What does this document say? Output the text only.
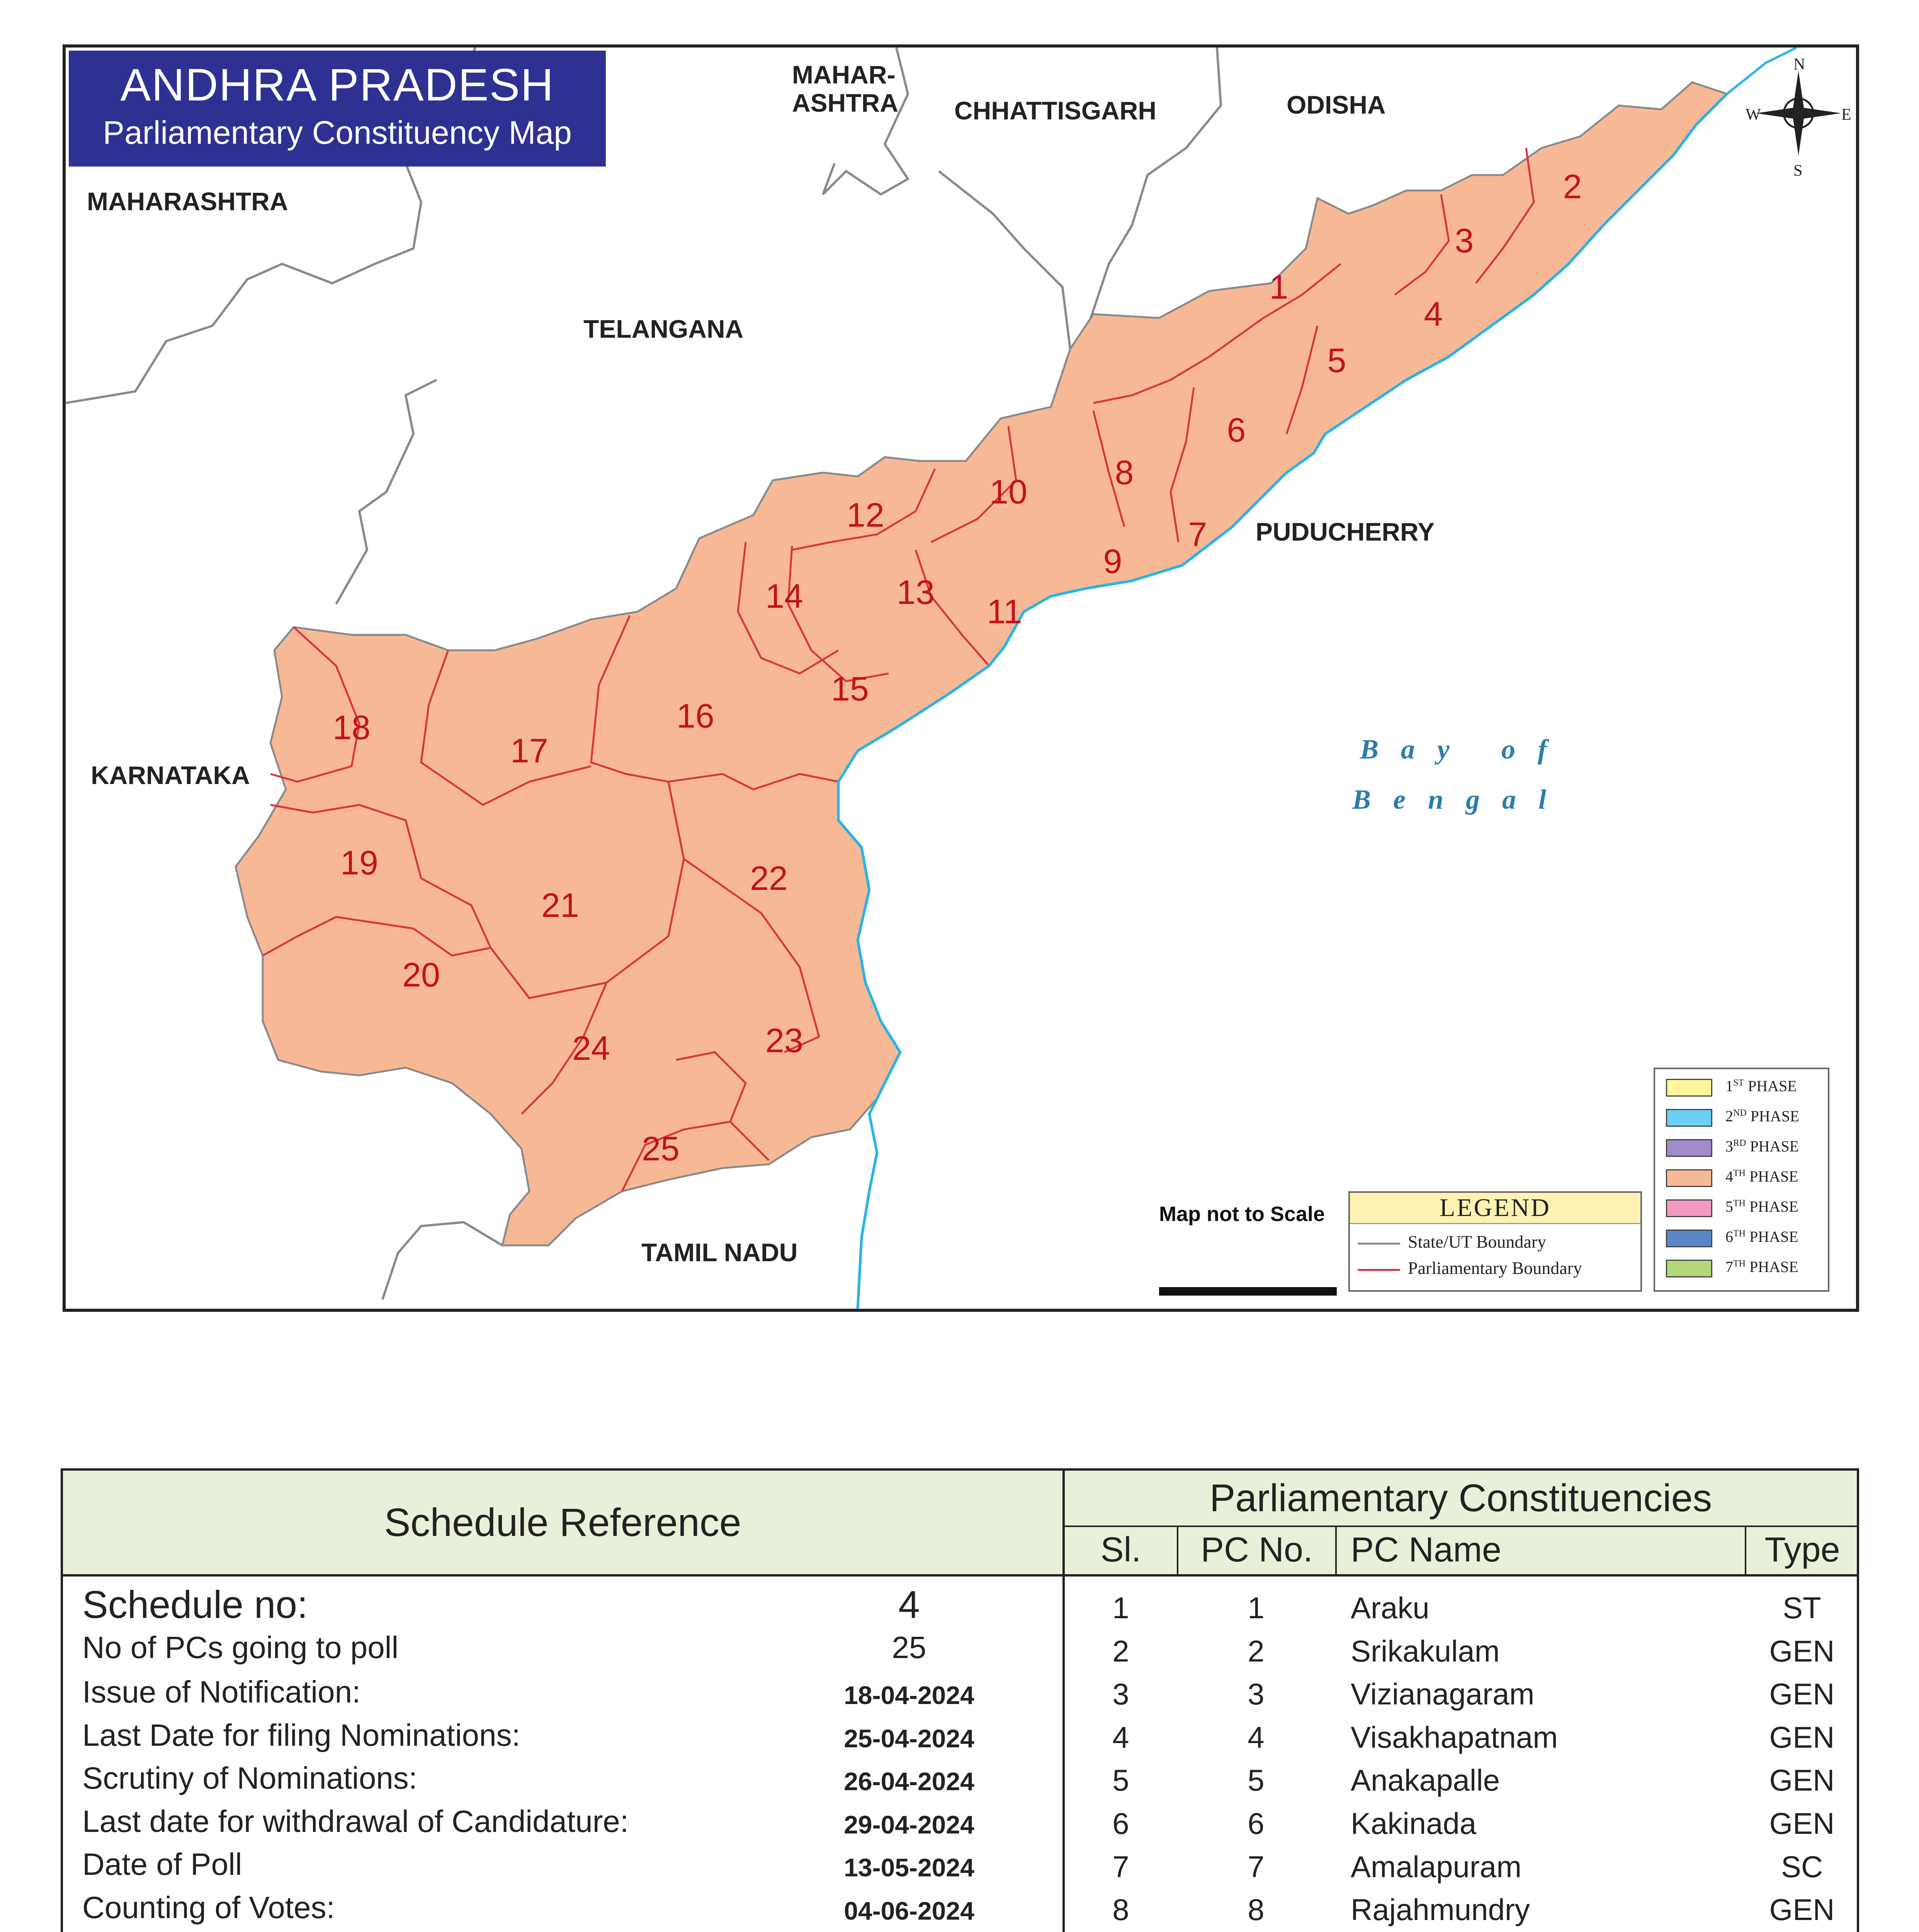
ANDHRA PRADESH
Parliamentary Constituency Map
MAHAR-
ASHTRA CHHATTISGARH	ODISHA
MAHARASHTRA
TELANGANA
PUDUCHERRY
KARNATAKA
TAMIL NADU
Bay of
Bengal
N
S
E
W
1
2
3
4
5
6
7
8
9
10
11
12
13
14
15
16
17
18
19
20
21
22
23
24
25
Map not to Scale	LEGEND
State/UT Boundary
Parliamentary Boundary
1ST PHASE
2ND PHASE
3RD PHASE
4TH PHASE
5TH PHASE
6TH PHASE
7TH PHASE
Schedule Reference
Parliamentary Constituencies
Sl.	PC No.	PC Name	Type
Schedule no:	4
No of PCs going to poll	25
Issue of Notification:	18-04-2024
Last Date for filing Nominations:	25-04-2024
Scrutiny of Nominations:	26-04-2024
Last date for withdrawal of Candidature:	29-04-2024
Date of Poll	13-05-2024
Counting of Votes:	04-06-2024
1	1	Araku	ST
2	2	Srikakulam	GEN
3	3	Vizianagaram	GEN
4	4	Visakhapatnam	GEN
5	5	Anakapalle	GEN
6	6	Kakinada	GEN
7	7	Amalapuram	SC
8	8	Rajahmundry	GEN
